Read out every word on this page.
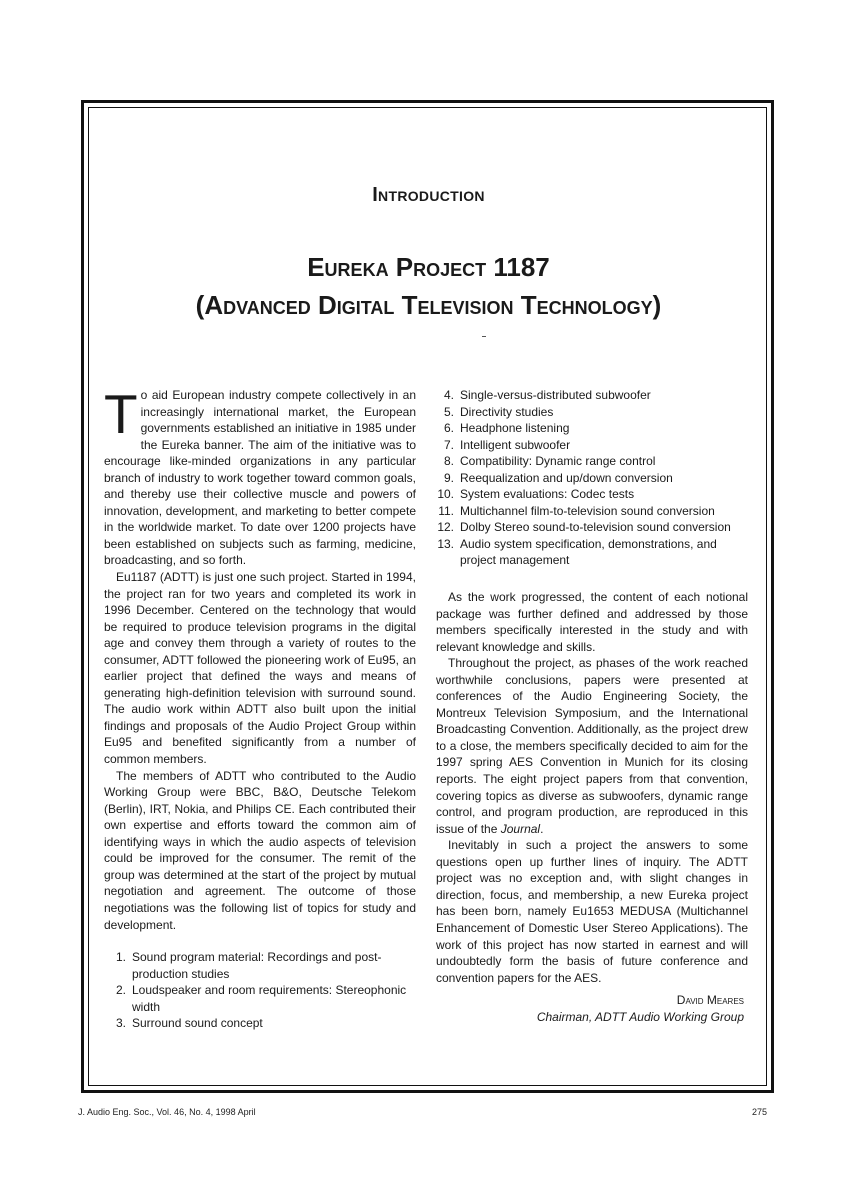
Introduction
Eureka Project 1187
(Advanced Digital Television Technology)

To aid European industry compete collectively in an increasingly international market, the European governments established an initiative in 1985 under the Eureka banner. The aim of the initiative was to encourage like-minded organizations in any particular branch of industry to work together toward common goals, and thereby use their collective muscle and powers of innovation, development, and marketing to better compete in the worldwide market. To date over 1200 projects have been established on subjects such as farming, medicine, broadcasting, and so forth.

Eu1187 (ADTT) is just one such project. Started in 1994, the project ran for two years and completed its work in 1996 December. Centered on the technology that would be required to produce television programs in the digital age and convey them through a variety of routes to the consumer, ADTT followed the pioneering work of Eu95, an earlier project that defined the ways and means of generating high-definition television with surround sound. The audio work within ADTT also built upon the initial findings and proposals of the Audio Project Group within Eu95 and benefited significantly from a number of common members.

The members of ADTT who contributed to the Audio Working Group were BBC, B&O, Deutsche Telekom (Berlin), IRT, Nokia, and Philips CE. Each contributed their own expertise and efforts toward the common aim of identifying ways in which the audio aspects of television could be improved for the consumer. The remit of the group was determined at the start of the project by mutual negotiation and agreement. The outcome of those negotiations was the following list of topics for study and development.

1. Sound program material: Recordings and post-production studies
2. Loudspeaker and room requirements: Stereophonic width
3. Surround sound concept
4. Single-versus-distributed subwoofer
5. Directivity studies
6. Headphone listening
7. Intelligent subwoofer
8. Compatibility: Dynamic range control
9. Reequalization and up/down conversion
10. System evaluations: Codec tests
11. Multichannel film-to-television sound conversion
12. Dolby Stereo sound-to-television sound conversion
13. Audio system specification, demonstrations, and project management

As the work progressed, the content of each notional package was further defined and addressed by those members specifically interested in the study and with relevant knowledge and skills.

Throughout the project, as phases of the work reached worthwhile conclusions, papers were presented at conferences of the Audio Engineering Society, the Montreux Television Symposium, and the International Broadcasting Convention. Additionally, as the project drew to a close, the members specifically decided to aim for the 1997 spring AES Convention in Munich for its closing reports. The eight project papers from that convention, covering topics as diverse as subwoofers, dynamic range control, and program production, are reproduced in this issue of the Journal.

Inevitably in such a project the answers to some questions open up further lines of inquiry. The ADTT project was no exception and, with slight changes in direction, focus, and membership, a new Eureka project has been born, namely Eu1653 MEDUSA (Multichannel Enhancement of Domestic User Stereo Applications). The work of this project has now started in earnest and will undoubtedly form the basis of future conference and convention papers for the AES.

David Meares
Chairman, ADTT Audio Working Group
J. Audio Eng. Soc., Vol. 46, No. 4, 1998 April	275
